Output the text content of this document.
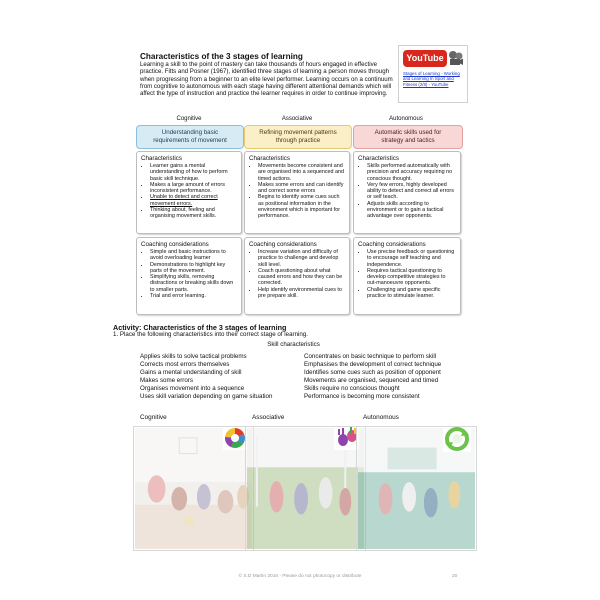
Characteristics of the 3 stages of learning
Learning a skill to the point of mastery can take thousands of hours engaged in effective practice. Fitts and Posner (1967), identified three stages of learning a person moves through when progressing from a beginner to an elite level performer. Learning occurs on a continuum from cognitive to autonomous with each stage having different attentional demands which will affect the type of instruction and practice the learner requires in order to continue improving.
YouTube
Stages of Learning - Working and Learning In Sport and Fitness (2/8) - YouTube
Cognitive	Associative	Autonomous
Understanding basic requirements of movement
Refining movement patterns through practice
Automatic skills used for strategy and tactics
Characteristics
• Learner gains a mental understanding of how to perform basic skill technique.
• Makes a large amount of errors inconsistent performance.
• Unable to detect and correct movement errors.
• Thinking about, feeling and organising movement skills.
Characteristics
• Movements become consistent and are organised into a sequenced and timed actions.
• Makes some errors and can identify and correct some errors
• Begins to identify some cues such as positional information in the environment which is important for performance.
Characteristics
• Skills performed automatically with precision and accuracy requiring no conscious thought.
• Very few errors, highly developed ability to detect and correct all errors or self teach.
• Adjusts skills according to environment or to gain a tactical advantage over opponents.
Coaching considerations
• Simple and basic instructions to avoid overloading learner
• Demonstrations to highlight key parts of the movement.
• Simplifying skills, removing distractions or breaking skills down to smaller parts.
• Trial and error learning.
Coaching considerations
• Increase variation and difficulty of practice to challenge and develop skill level.
• Coach questioning about what caused errors and how they can be corrected.
• Help identify environmental cues to pre prepare skill.
Coaching considerations
• Use precise feedback or questioning to encourage self teaching and independence.
• Requires tactical questioning to develop competitive strategies to out-manoeuvre opponents.
• Challenging and game specific practice to stimulate learner.
Activity: Characteristics of the 3 stages of learning
1. Place the following characteristics into their correct stage of learning.
Skill characteristics
Applies skills to solve tactical problems
Corrects most errors themselves
Gains a mental understanding of skill
Makes some errors
Organises movement into a sequence
Uses skill variation depending on game situation
Concentrates on basic technique to perform skill
Emphasises the development of correct technique
Identifies some cues such as position of opponent
Movements are organised, sequenced and timed
Skills require no conscious thought
Performance is becoming more consistent
Cognitive	Associative	Autonomous
© S.D Martin 2016 - Please do not photocopy or distribute	20
